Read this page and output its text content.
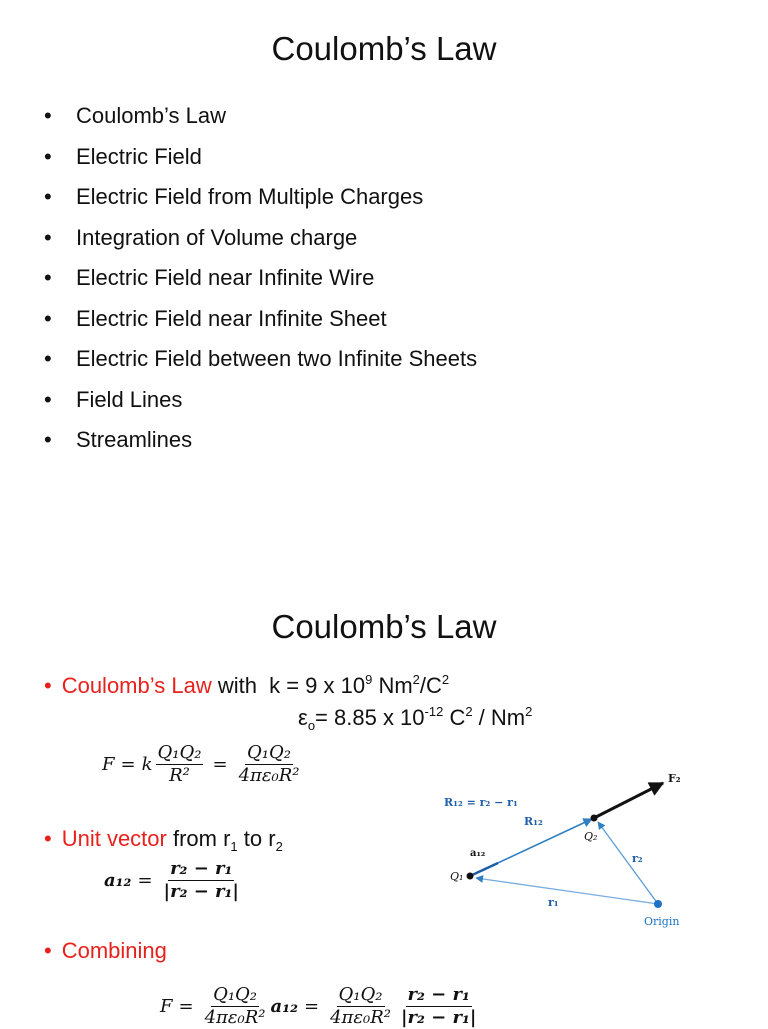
Coulomb’s Law
• Coulomb’s Law
• Electric Field
• Electric Field from Multiple Charges
• Integration of Volume charge
• Electric Field near Infinite Wire
• Electric Field near Infinite Sheet
• Electric Field between two Infinite Sheets
• Field Lines
• Streamlines
Coulomb’s Law
• Coulomb’s Law with k = 9 x $10^9$ $Nm^2/C^2$
$\varepsilon_o= 8.85$ x $10^{-12}$ $C^2 / Nm^2$
F = k $\frac{\text{Q₁Q₂}}{\text{R²}} = \frac{\text{Q₁Q₂}}{\text{4πε₀R²}}$
• Unit vector from $r_1$ to $r_2$
$a_{12} = \frac{\text{r₂ − r₁}}{\text{|r₂ − r₁|}}$
• Combining
$F = \frac{\text{Q₁Q₂}}{\text{4πε₀R²}} a_{12} = \frac{\text{Q₁Q₂}}{\text{4πε₀R²}} \frac{\text{r₂ − r₁}}{\text{|r₂ − r₁|}}$
R₁₂ = r₂ − r₁
F₂
R₁₂
Q₂
a₁₂
Q₁
r₂
r₁
Origin
